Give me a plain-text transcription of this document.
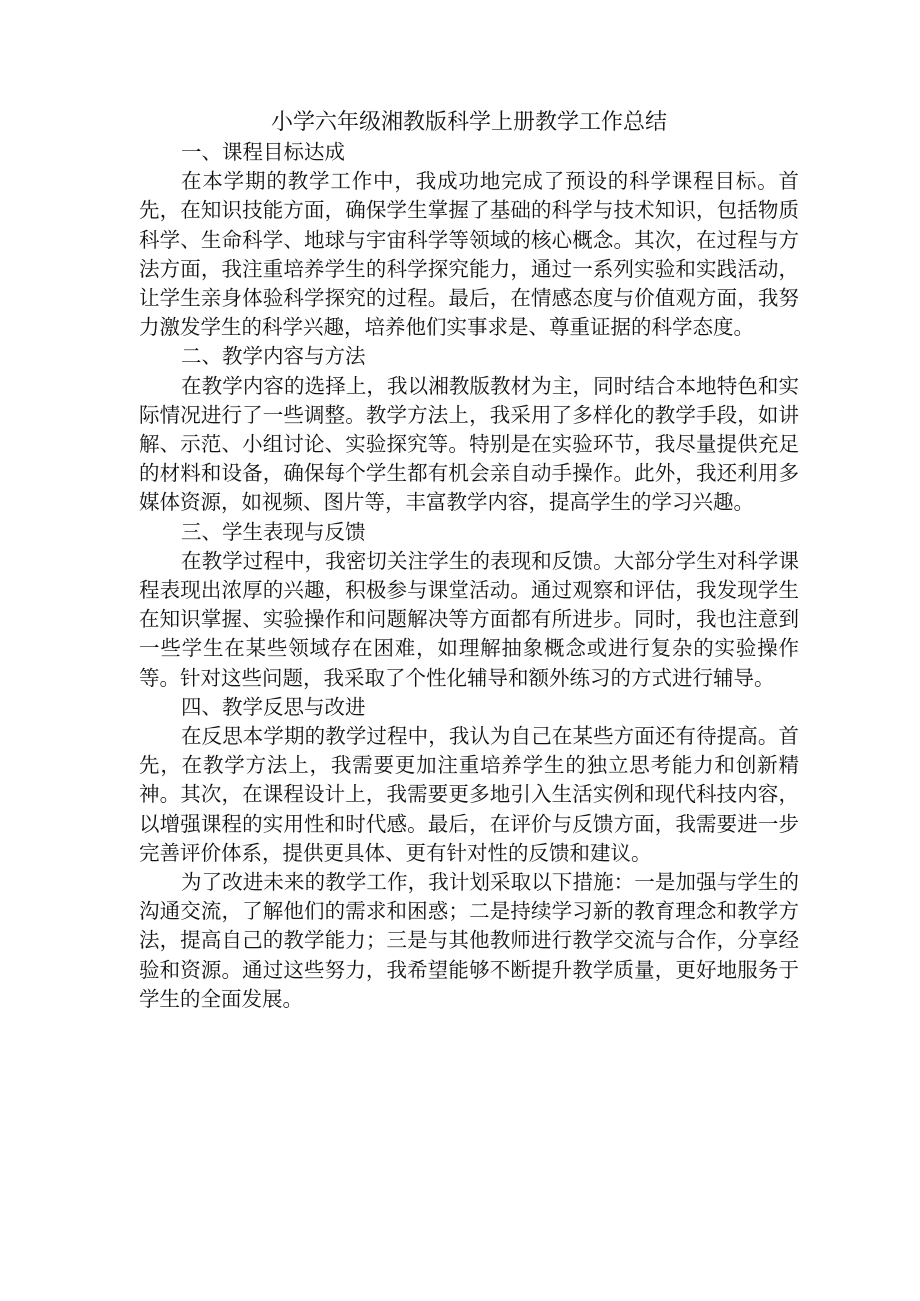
小学六年级湘教版科学上册教学工作总结

一、课程目标达成

在本学期的教学工作中，我成功地完成了预设的科学课程目标。首先，在知识技能方面，确保学生掌握了基础的科学与技术知识，包括物质科学、生命科学、地球与宇宙科学等领域的核心概念。其次，在过程与方法方面，我注重培养学生的科学探究能力，通过一系列实验和实践活动，让学生亲身体验科学探究的过程。最后，在情感态度与价值观方面，我努力激发学生的科学兴趣，培养他们实事求是、尊重证据的科学态度。

二、教学内容与方法

在教学内容的选择上，我以湘教版教材为主，同时结合本地特色和实际情况进行了一些调整。教学方法上，我采用了多样化的教学手段，如讲解、示范、小组讨论、实验探究等。特别是在实验环节，我尽量提供充足的材料和设备，确保每个学生都有机会亲自动手操作。此外，我还利用多媒体资源，如视频、图片等，丰富教学内容，提高学生的学习兴趣。

三、学生表现与反馈

在教学过程中，我密切关注学生的表现和反馈。大部分学生对科学课程表现出浓厚的兴趣，积极参与课堂活动。通过观察和评估，我发现学生在知识掌握、实验操作和问题解决等方面都有所进步。同时，我也注意到一些学生在某些领域存在困难，如理解抽象概念或进行复杂的实验操作等。针对这些问题，我采取了个性化辅导和额外练习的方式进行辅导。

四、教学反思与改进

在反思本学期的教学过程中，我认为自己在某些方面还有待提高。首先，在教学方法上，我需要更加注重培养学生的独立思考能力和创新精神。其次，在课程设计上，我需要更多地引入生活实例和现代科技内容，以增强课程的实用性和时代感。最后，在评价与反馈方面，我需要进一步完善评价体系，提供更具体、更有针对性的反馈和建议。

为了改进未来的教学工作，我计划采取以下措施：一是加强与学生的沟通交流，了解他们的需求和困惑；二是持续学习新的教育理念和教学方法，提高自己的教学能力；三是与其他教师进行教学交流与合作，分享经验和资源。通过这些努力，我希望能够不断提升教学质量，更好地服务于学生的全面发展。
